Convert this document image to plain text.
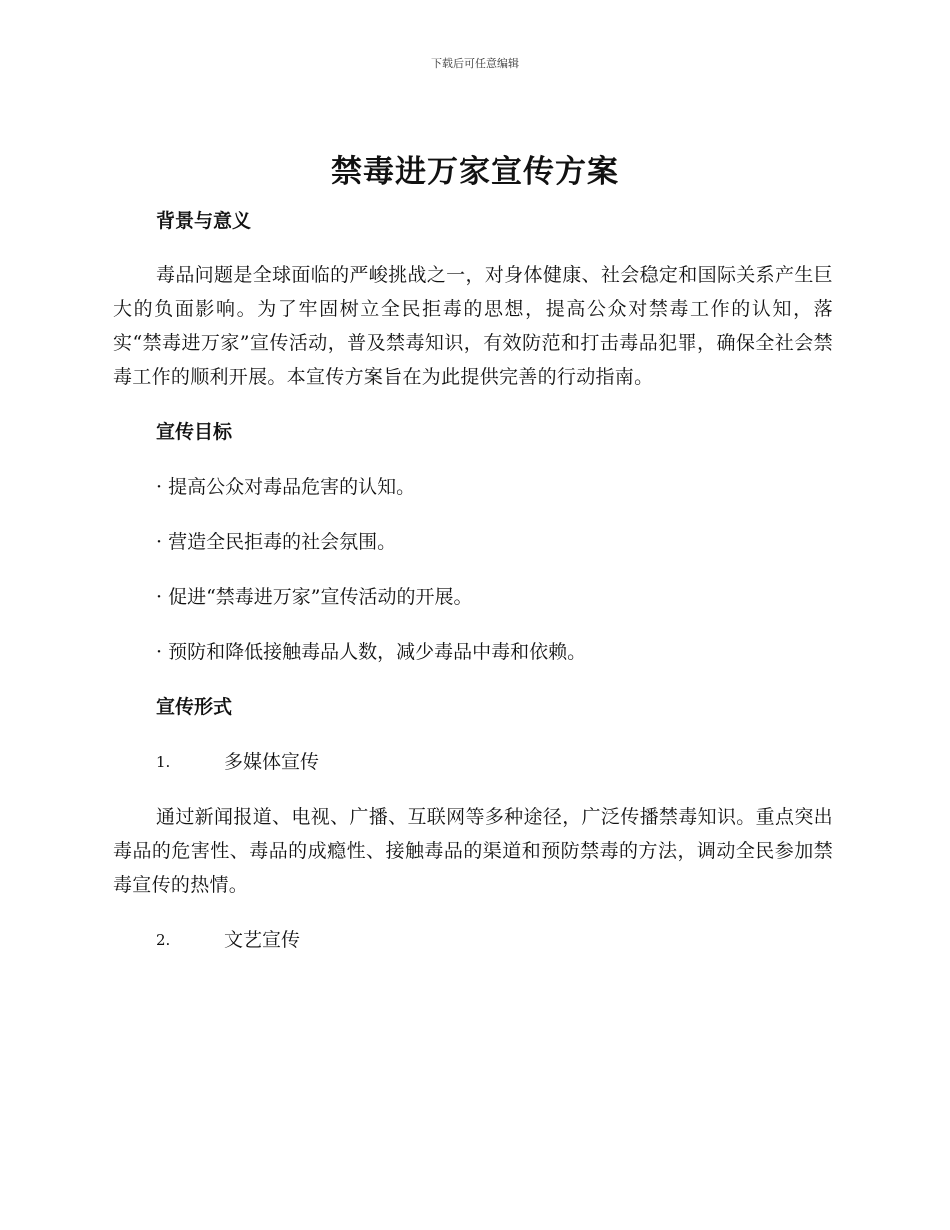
下载后可任意编辑
禁毒进万家宣传方案
背景与意义

毒品问题是全球面临的严峻挑战之一，对身体健康、社会稳定和国际关系产生巨大的负面影响。为了牢固树立全民拒毒的思想，提高公众对禁毒工作的认知，落实“禁毒进万家”宣传活动，普及禁毒知识，有效防范和打击毒品犯罪，确保全社会禁毒工作的顺利开展。本宣传方案旨在为此提供完善的行动指南。

宣传目标

· 提高公众对毒品危害的认知。

· 营造全民拒毒的社会氛围。

· 促进“禁毒进万家”宣传活动的开展。

· 预防和降低接触毒品人数，减少毒品中毒和依赖。

宣传形式
1.	多媒体宣传

通过新闻报道、电视、广播、互联网等多种途径，广泛传播禁毒知识。重点突出毒品的危害性、毒品的成瘾性、接触毒品的渠道和预防禁毒的方法，调动全民参加禁毒宣传的热情。

2.	文艺宣传
